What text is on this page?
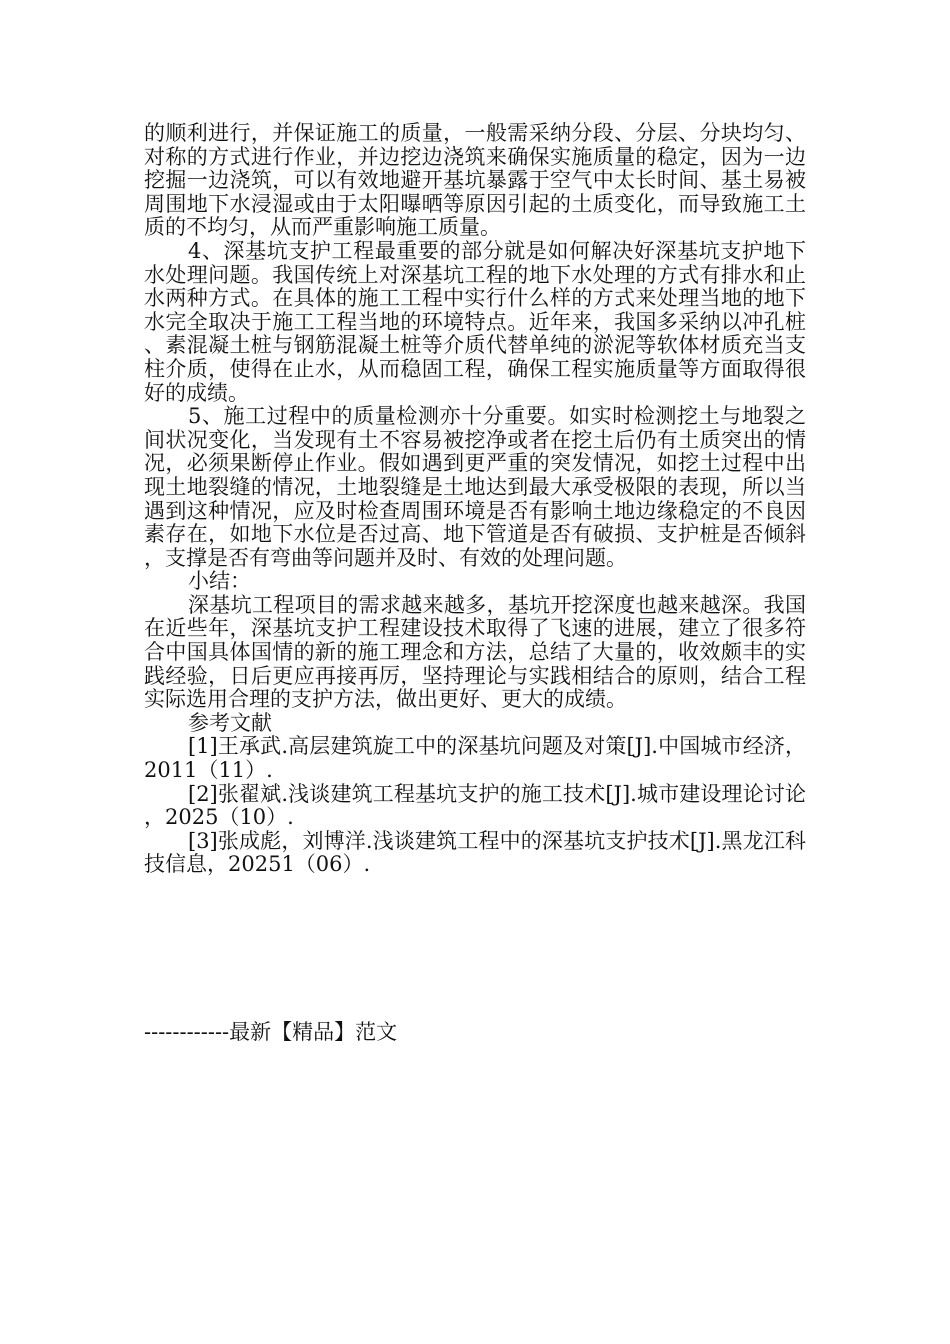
的顺利进行，并保证施工的质量，一般需采纳分段、分层、分块均匀、对称的方式进行作业，并边挖边浇筑来确保实施质量的稳定，因为一边挖掘一边浇筑，可以有效地避开基坑暴露于空气中太长时间、基土易被周围地下水浸湿或由于太阳曝晒等原因引起的土质变化，而导致施工土质的不均匀，从而严重影响施工质量。

4、深基坑支护工程最重要的部分就是如何解决好深基坑支护地下水处理问题。我国传统上对深基坑工程的地下水处理的方式有排水和止水两种方式。在具体的施工工程中实行什么样的方式来处理当地的地下水完全取决于施工工程当地的环境特点。近年来，我国多采纳以冲孔桩、素混凝土桩与钢筋混凝土桩等介质代替单纯的淤泥等软体材质充当支柱介质，使得在止水，从而稳固工程，确保工程实施质量等方面取得很好的成绩。

5、施工过程中的质量检测亦十分重要。如实时检测挖土与地裂之间状况变化，当发现有土不容易被挖净或者在挖土后仍有土质突出的情况，必须果断停止作业。假如遇到更严重的突发情况，如挖土过程中出现土地裂缝的情况，土地裂缝是土地达到最大承受极限的表现，所以当遇到这种情况，应及时检查周围环境是否有影响土地边缘稳定的不良因素存在，如地下水位是否过高、地下管道是否有破损、支护桩是否倾斜，支撑是否有弯曲等问题并及时、有效的处理问题。

小结：

深基坑工程项目的需求越来越多，基坑开挖深度也越来越深。我国在近些年，深基坑支护工程建设技术取得了飞速的进展，建立了很多符合中国具体国情的新的施工理念和方法，总结了大量的，收效颇丰的实践经验，日后更应再接再厉，坚持理论与实践相结合的原则，结合工程实际选用合理的支护方法，做出更好、更大的成绩。

参考文献

[1]王承武.高层建筑旋工中的深基坑问题及对策[J].中国城市经济，2011（11）.

[2]张翟斌.浅谈建筑工程基坑支护的施工技术[J].城市建设理论讨论，2025（10）.

[3]张成彪，刘博洋.浅谈建筑工程中的深基坑支护技术[J].黑龙江科技信息，20251（06）.

------------最新【精品】范文
